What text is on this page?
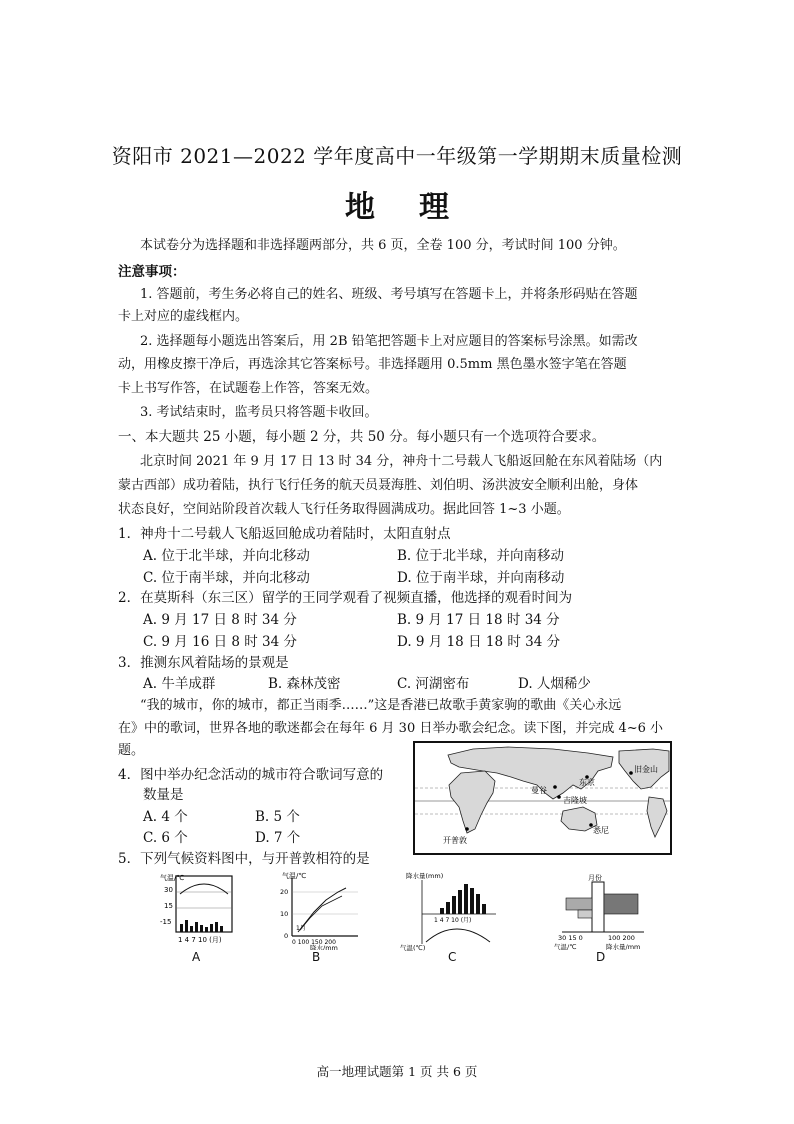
资阳市 2021—2022 学年度高中一年级第一学期期末质量检测
地理
本试卷分为选择题和非选择题两部分，共 6 页，全卷 100 分，考试时间 100 分钟。
注意事项：
1. 答题前，考生务必将自己的姓名、班级、考号填写在答题卡上，并将条形码贴在答题
卡上对应的虚线框内。
2. 选择题每小题选出答案后，用 2B 铅笔把答题卡上对应题目的答案标号涂黑。如需改
动，用橡皮擦干净后，再选涂其它答案标号。非选择题用 0.5mm 黑色墨水签字笔在答题
卡上书写作答，在试题卷上作答，答案无效。
3. 考试结束时，监考员只将答题卡收回。
一、本大题共 25 小题，每小题 2 分，共 50 分。每小题只有一个选项符合要求。
北京时间 2021 年 9 月 17 日 13 时 34 分，神舟十二号载人飞船返回舱在东风着陆场（内
蒙古西部）成功着陆，执行飞行任务的航天员聂海胜、刘伯明、汤洪波安全顺利出舱，身体
状态良好，空间站阶段首次载人飞行任务取得圆满成功。据此回答 1~3 小题。
1．神舟十二号载人飞船返回舱成功着陆时，太阳直射点
A. 位于北半球，并向北移动	B. 位于北半球，并向南移动
C. 位于南半球，并向北移动	D. 位于南半球，并向南移动
2．在莫斯科（东三区）留学的王同学观看了视频直播，他选择的观看时间为
A. 9 月 17 日 8 时 34 分	B. 9 月 17 日 18 时 34 分
C. 9 月 16 日 8 时 34 分	D. 9 月 18 日 18 时 34 分
3．推测东风着陆场的景观是
A. 牛羊成群	B. 森林茂密	C. 河湖密布	D. 人烟稀少
“我的城市，你的城市，都正当雨季……”这是香港已故歌手黄家驹的歌曲《关心永远
在》中的歌词，世界各地的歌迷都会在每年 6 月 30 日举办歌会纪念。读下图，并完成 4~6 小
题。
4．图中举办纪念活动的城市符合歌词写意的
数量是
A. 4 个	B. 5 个
C. 6 个	D. 7 个
5．下列气候资料图中，与开普敦相符的是
旧金山
东京
曼谷
吉隆坡
悉尼
开普敦
气温/℃
30
15
-15
1 4 7 10 (月)
A
气温/℃
20
10
0
1月
0 100 150 200
降水/mm
B
降水量(mm)
1 4 7 10 (月)
气温(℃)
C
月份
30 15 0	100 200
气温/℃	降水量/mm
D
高一地理试题第 1 页 共 6 页
